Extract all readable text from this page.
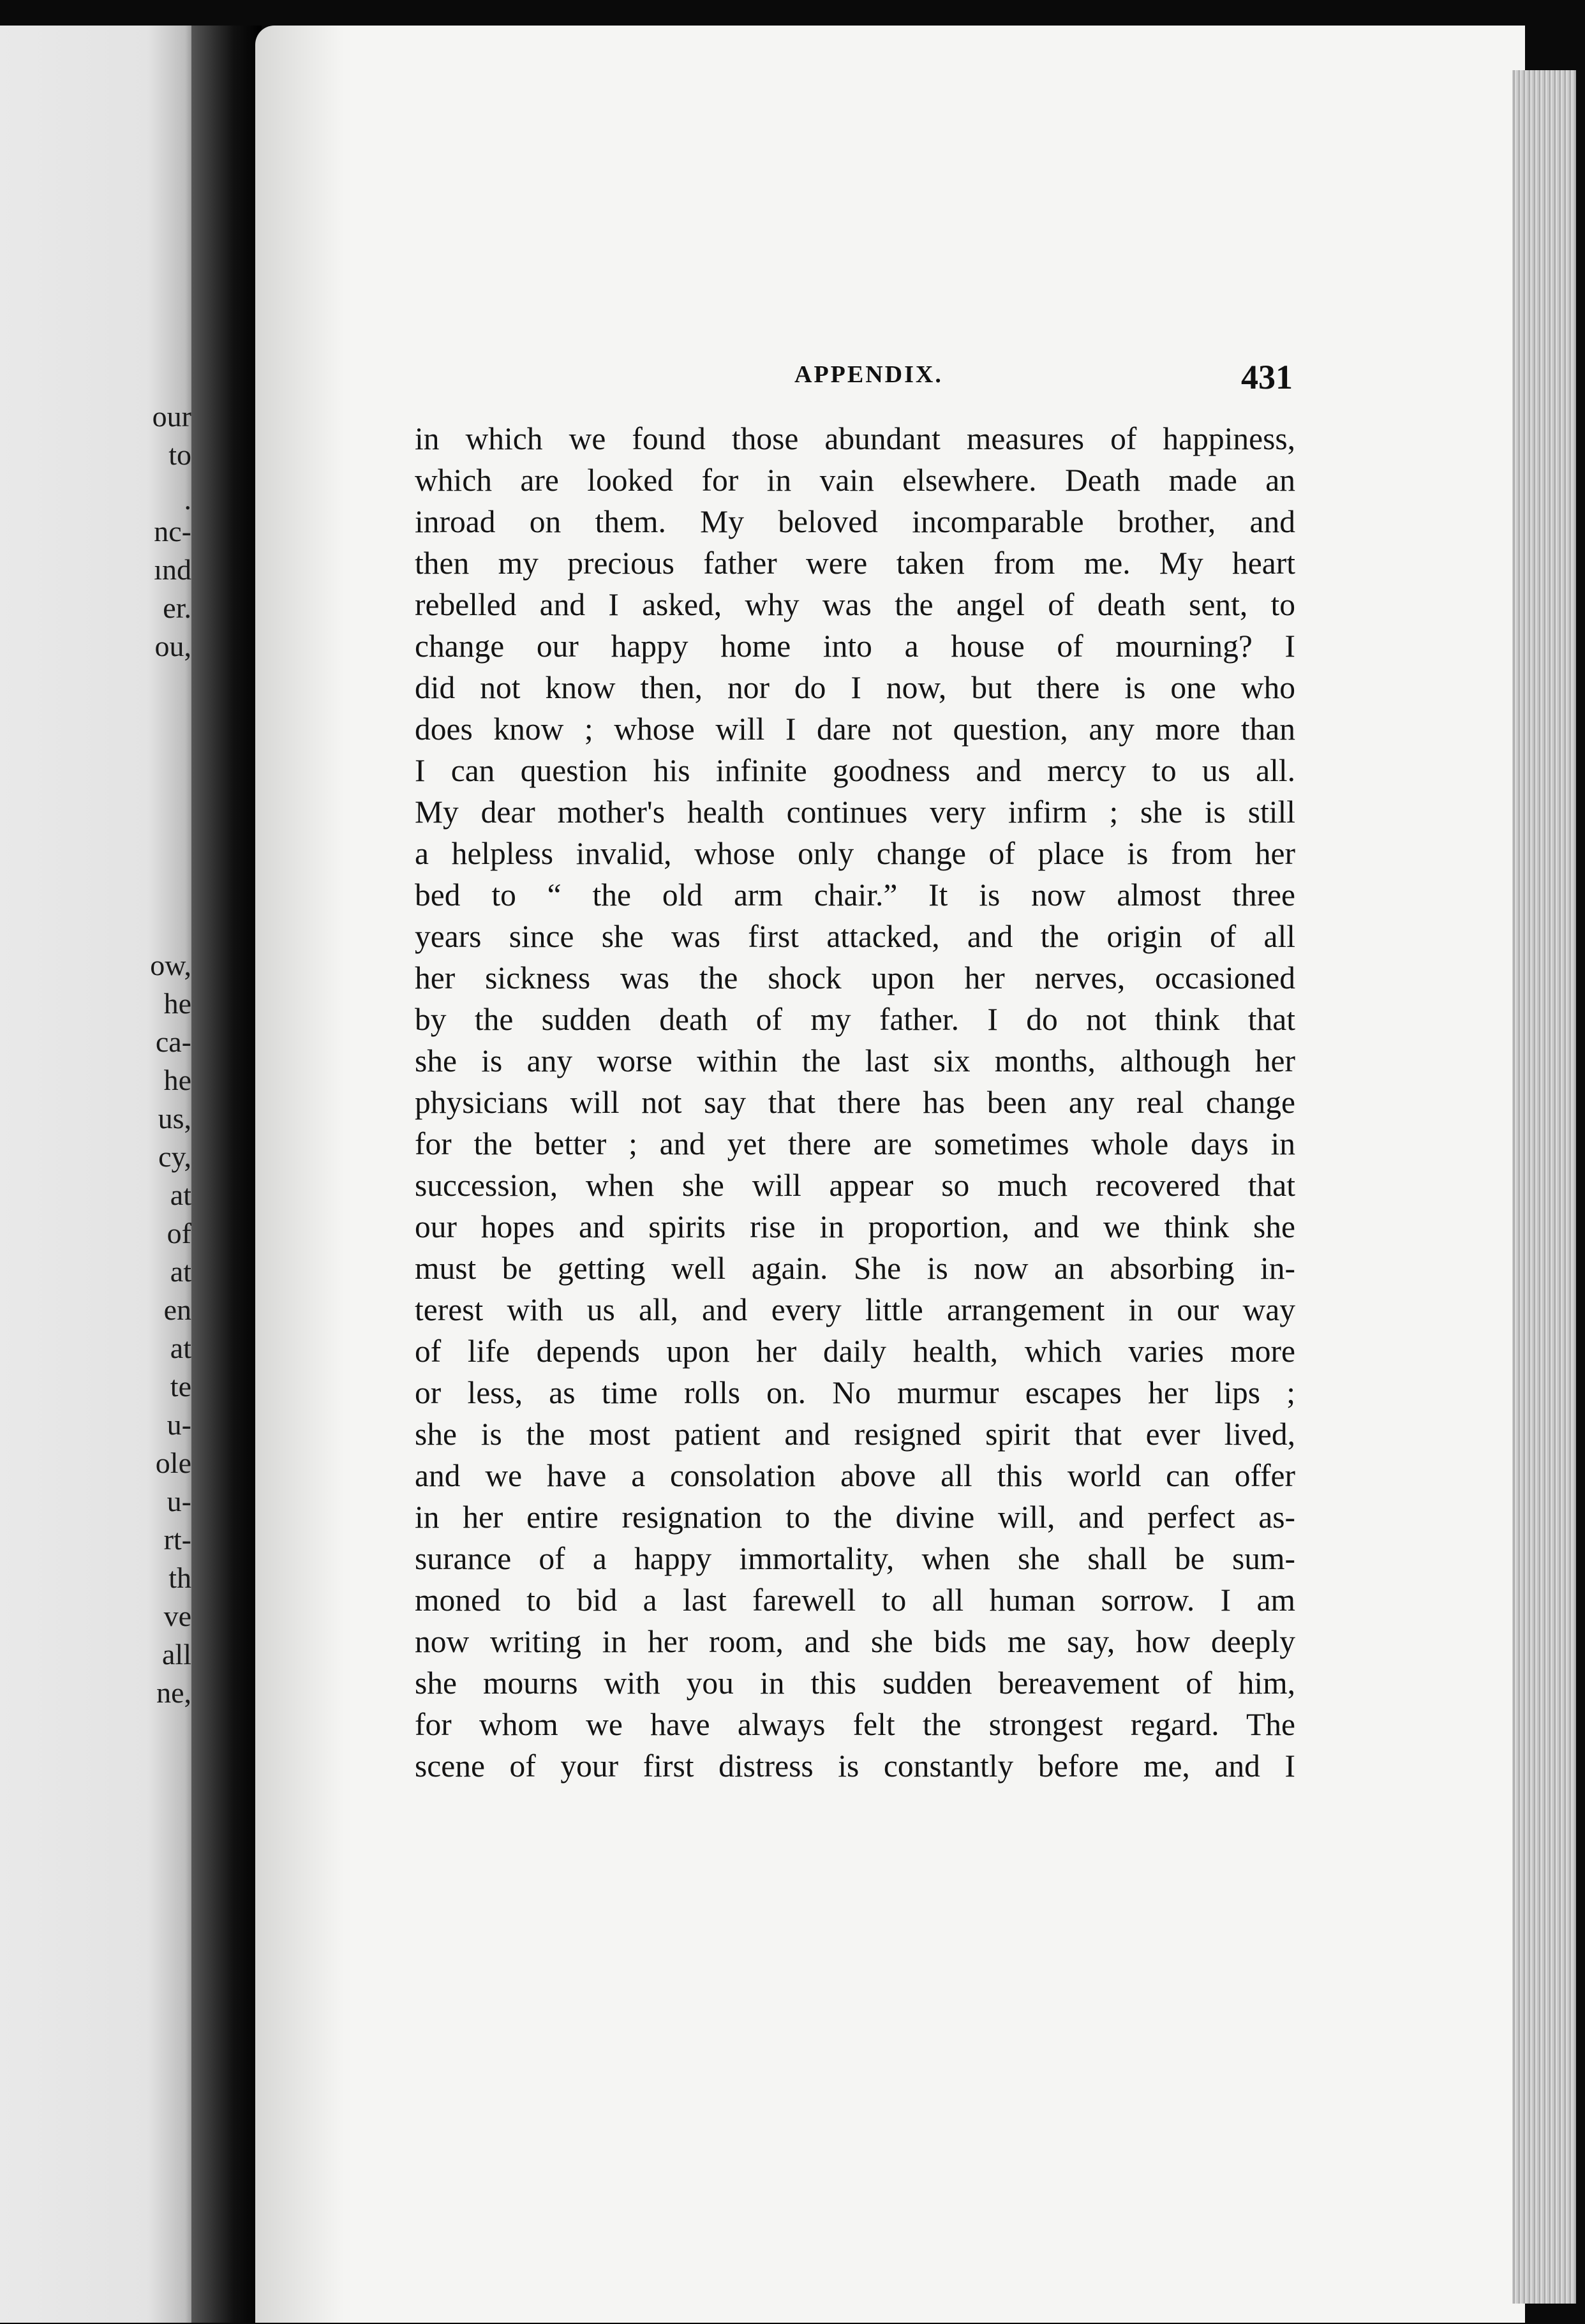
our
to
.
nc-
ınd
er.
ou,
ow,
he
ca-
he
us,
cy,
at
of
at
en
at
te
u-
ole
u-
rt-
th
ve
all
ne,
APPENDIX.	431
in which we found those abundant measures of happiness,
which are looked for in vain elsewhere. Death made an
inroad on them. My beloved incomparable brother, and
then my precious father were taken from me. My heart
rebelled and I asked, why was the angel of death sent, to
change our happy home into a house of mourning? I
did not know then, nor do I now, but there is one who
does know ; whose will I dare not question, any more than
I can question his infinite goodness and mercy to us all.
My dear mother's health continues very infirm ; she is still
a helpless invalid, whose only change of place is from her
bed to “ the old arm chair.” It is now almost three
years since she was first attacked, and the origin of all
her sickness was the shock upon her nerves, occasioned
by the sudden death of my father. I do not think that
she is any worse within the last six months, although her
physicians will not say that there has been any real change
for the better ; and yet there are sometimes whole days in
succession, when she will appear so much recovered that
our hopes and spirits rise in proportion, and we think she
must be getting well again. She is now an absorbing in-
terest with us all, and every little arrangement in our way
of life depends upon her daily health, which varies more
or less, as time rolls on. No murmur escapes her lips ;
she is the most patient and resigned spirit that ever lived,
and we have a consolation above all this world can offer
in her entire resignation to the divine will, and perfect as-
surance of a happy immortality, when she shall be sum-
moned to bid a last farewell to all human sorrow. I am
now writing in her room, and she bids me say, how deeply
she mourns with you in this sudden bereavement of him,
for whom we have always felt the strongest regard. The
scene of your first distress is constantly before me, and I
